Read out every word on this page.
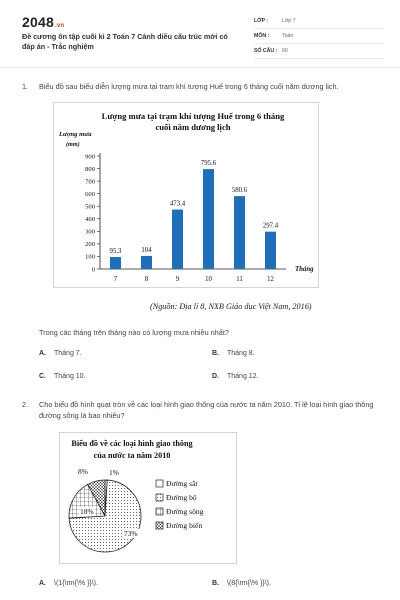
2048.vn
Đề cương ôn tập cuối kì 2 Toán 7 Cánh diều cấu trúc mới có đáp án - Trắc nghiệm
LỚP :	Lớp 7
MÔN :	Toán
SỐ CÂU : 60
1. Biểu đồ sau biểu diễn lượng mưa tại trạm khí tượng Huế trong 6 tháng cuối năm dương lịch.
Lượng mưa tại trạm khí tượng Huế trong 6 tháng
cuối năm dương lịch
Lượng mưa
(mm)
0
100
200
300
400
500
600
700
800
900
95.3
7
104
8
473.4
9
795.6
10
580.6
11
297.4
12
Tháng
(Nguồn: Địa lí 8, NXB Giáo dục Việt Nam, 2016)
Trong các tháng trên tháng nào có lượng mưa nhiều nhất?
A. Tháng 7.	B. Tháng 8.
C. Tháng 10.	D. Tháng 12.
2. Cho biểu đồ hình quạt tròn về các loại hình giao thông của nước ta năm 2010. Tỉ lệ loại hình giao thông đường sông là bao nhiêu?
Biểu đồ về các loại hình giao thông
của nước ta năm 2010
1%
73%
18%
8%
Đường sắt
Đường bộ
Đường sông
Đường biển
A. \(1{\rm{\% }}\).	B. \(8{\rm{\% }}\).
